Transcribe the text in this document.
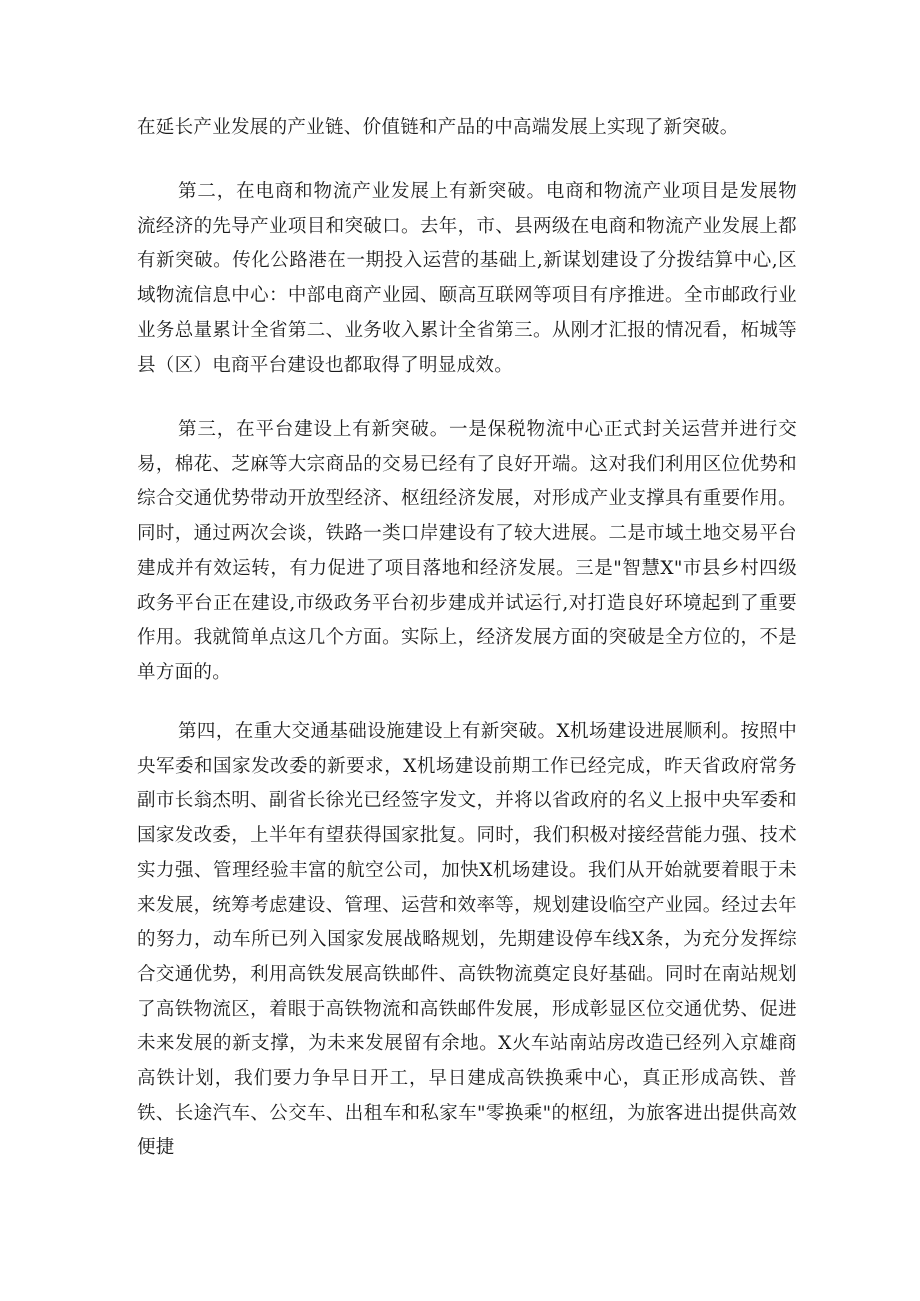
在延长产业发展的产业链、价值链和产品的中高端发展上实现了新突破。

第二，在电商和物流产业发展上有新突破。电商和物流产业项目是发展物流经济的先导产业项目和突破口。去年，市、县两级在电商和物流产业发展上都有新突破。传化公路港在一期投入运营的基础上,新谋划建设了分拨结算中心,区域物流信息中心：中部电商产业园、颐高互联网等项目有序推进。全市邮政行业业务总量累计全省第二、业务收入累计全省第三。从刚才汇报的情况看，柘城等县（区）电商平台建设也都取得了明显成效。

第三，在平台建设上有新突破。一是保税物流中心正式封关运营并进行交易，棉花、芝麻等大宗商品的交易已经有了良好开端。这对我们利用区位优势和综合交通优势带动开放型经济、枢纽经济发展，对形成产业支撑具有重要作用。同时，通过两次会谈，铁路一类口岸建设有了较大进展。二是市域土地交易平台建成并有效运转，有力促进了项目落地和经济发展。三是"智慧X"市县乡村四级政务平台正在建设,市级政务平台初步建成并试运行,对打造良好环境起到了重要作用。我就简单点这几个方面。实际上，经济发展方面的突破是全方位的，不是单方面的。

第四，在重大交通基础设施建设上有新突破。X机场建设进展顺利。按照中央军委和国家发改委的新要求，X机场建设前期工作已经完成，昨天省政府常务副市长翁杰明、副省长徐光已经签字发文，并将以省政府的名义上报中央军委和国家发改委，上半年有望获得国家批复。同时，我们积极对接经营能力强、技术实力强、管理经验丰富的航空公司，加快X机场建设。我们从开始就要着眼于未来发展，统筹考虑建设、管理、运营和效率等，规划建设临空产业园。经过去年的努力，动车所已列入国家发展战略规划，先期建设停车线X条，为充分发挥综合交通优势，利用高铁发展高铁邮件、高铁物流奠定良好基础。同时在南站规划了高铁物流区，着眼于高铁物流和高铁邮件发展，形成彰显区位交通优势、促进未来发展的新支撑，为未来发展留有余地。X火车站南站房改造已经列入京雄商高铁计划，我们要力争早日开工，早日建成高铁换乘中心，真正形成高铁、普铁、长途汽车、公交车、出租车和私家车"零换乘"的枢纽，为旅客进出提供高效便捷
